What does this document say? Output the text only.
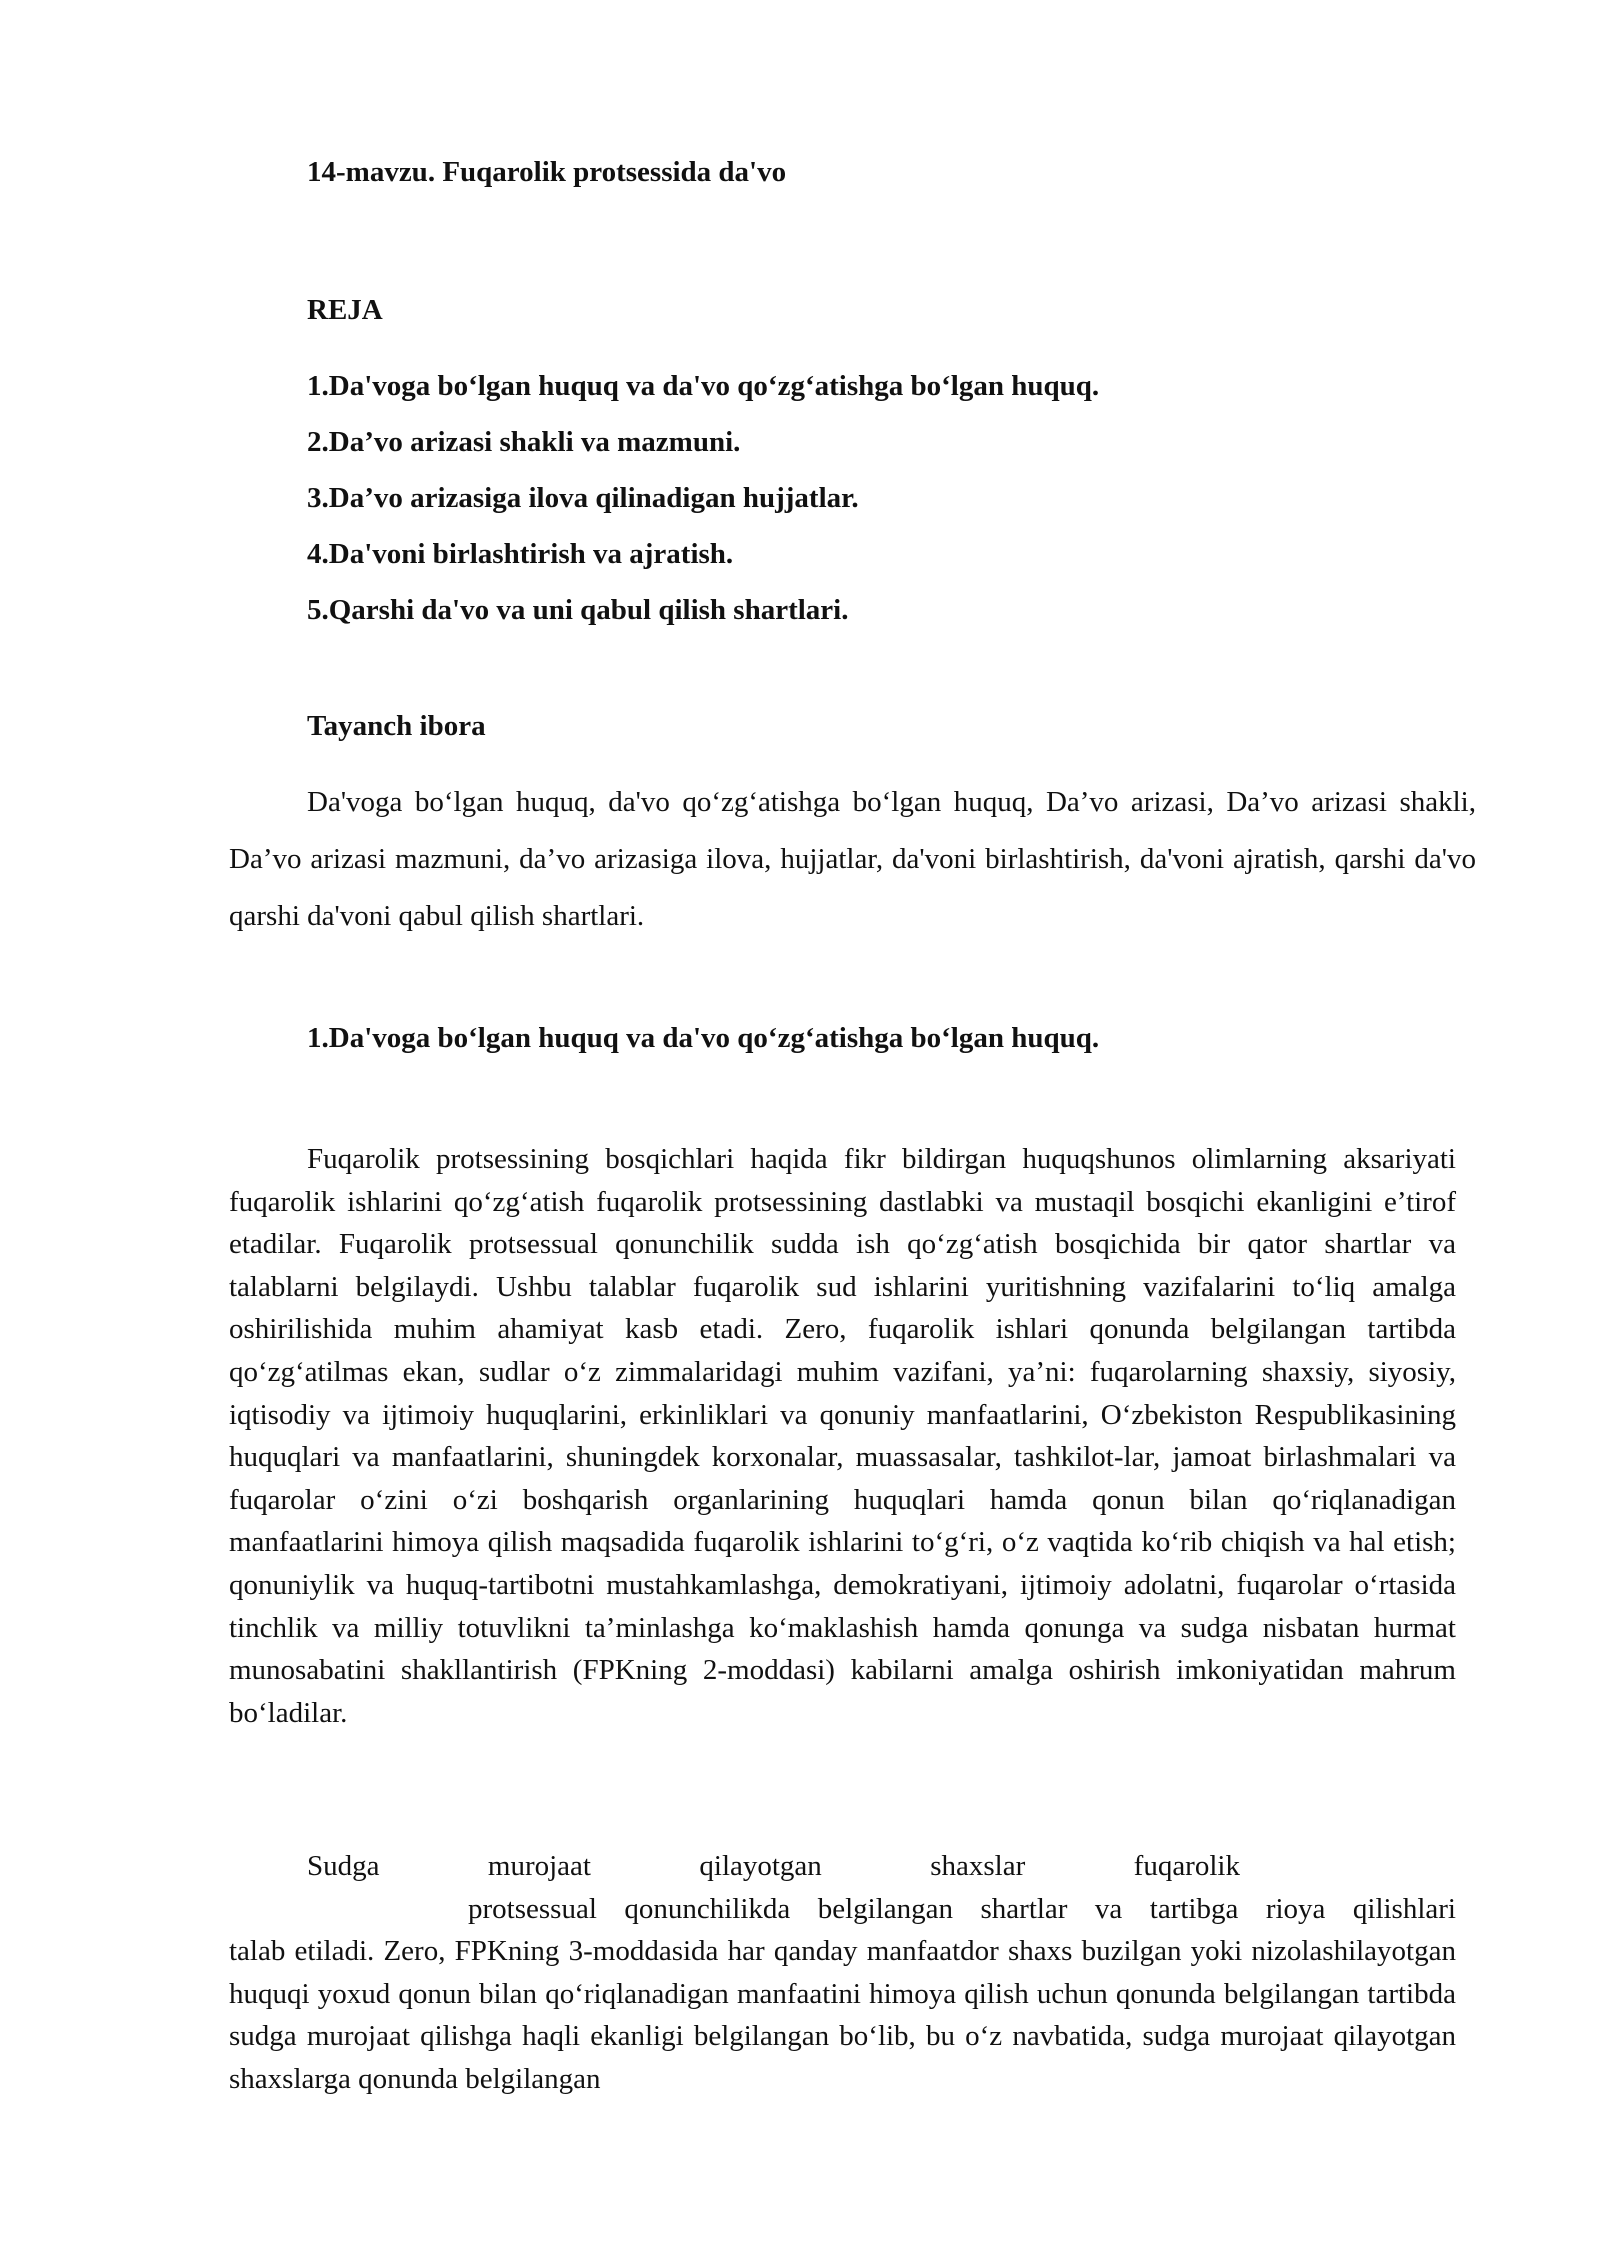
14-mavzu. Fuqarolik protsessida da'vo
REJA
1.Da'voga bo‘lgan huquq va da'vo qo‘zg‘atishga bo‘lgan huquq.
2.Da’vo arizasi shakli va mazmuni.
3.Da’vo arizasiga ilova qilinadigan hujjatlar.
4.Da'voni birlashtirish va ajratish.
5.Qarshi da'vo va uni qabul qilish shartlari.
Tayanch ibora

Da'voga bo‘lgan huquq, da'vo qo‘zg‘atishga bo‘lgan huquq, Da’vo arizasi, Da’vo arizasi shakli, Da’vo arizasi mazmuni, da’vo arizasiga ilova, hujjatlar, da'voni birlashtirish, da'voni ajratish, qarshi da'vo qarshi da'voni qabul qilish shartlari.

1.Da'voga bo‘lgan huquq va da'vo qo‘zg‘atishga bo‘lgan huquq.

Fuqarolik protsessining bosqichlari haqida fikr bildirgan huquqshunos olimlarning aksariyati fuqarolik ishlarini qo‘zg‘atish fuqarolik protsessining dastlabki va mustaqil bosqichi ekanligini e’tirof etadilar. Fuqarolik protsessual qonunchilik sudda ish qo‘zg‘atish bosqichida bir qator shartlar va talablarni belgilaydi. Ushbu talablar fuqarolik sud ishlarini yuritishning vazifalarini to‘liq amalga oshirilishida muhim ahamiyat kasb etadi. Zero, fuqarolik ishlari qonunda belgilangan tartibda qo‘zg‘atilmas ekan, sudlar o‘z zimmalaridagi muhim vazifani, ya’ni: fuqarolarning shaxsiy, siyosiy, iqtisodiy va ijtimoiy huquqlarini, erkinliklari va qonuniy manfaatlarini, O‘zbekiston Respublikasining huquqlari va manfaatlarini, shuningdek korxonalar, muassasalar, tashkilot-lar, jamoat birlashmalari va fuqarolar o‘zini o‘zi boshqarish organlarining huquqlari hamda qonun bilan qo‘riqlanadigan manfaatlarini himoya qilish maqsadida fuqarolik ishlarini to‘g‘ri, o‘z vaqtida ko‘rib chiqish va hal etish; qonuniylik va huquq-tartibotni mustahkamlashga, demokratiyani, ijtimoiy adolatni, fuqarolar o‘rtasida tinchlik va milliy totuvlikni ta’minlashga ko‘maklashish hamda qonunga va sudga nisbatan hurmat munosabatini shakllantirish (FPKning 2-moddasi) kabilarni amalga oshirish imkoniyatidan mahrum bo‘ladilar.

Sudga	murojaat	qilayotgan	shaxslar	fuqarolik
protsessual qonunchilikda belgilangan shartlar va tartibga rioya qilishlari
talab etiladi. Zero, FPKning 3-moddasida har qanday manfaatdor shaxs buzilgan yoki nizolashilayotgan huquqi yoxud qonun bilan qo‘riqlanadigan manfaatini himoya qilish uchun qonunda belgilangan tartibda sudga murojaat qilishga haqli ekanligi belgilangan bo‘lib, bu o‘z navbatida, sudga murojaat qilayotgan shaxslarga qonunda belgilangan
